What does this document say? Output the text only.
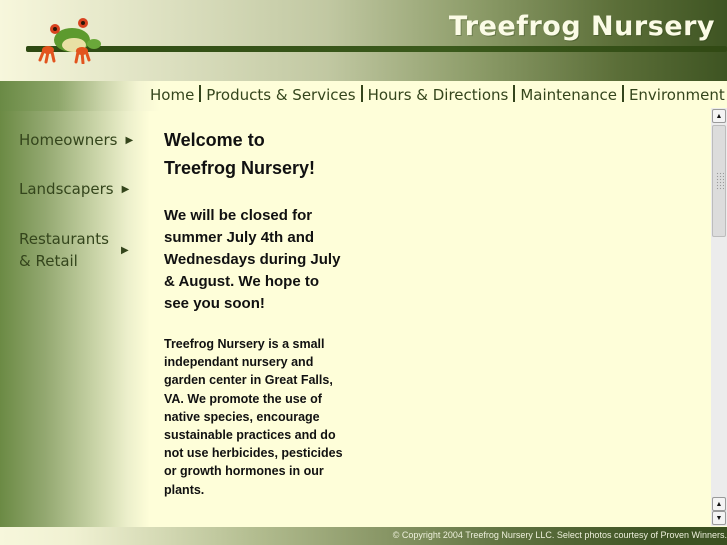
Treefrog Nursery
Home Products & Services Hours & Directions Maintenance Environment
Homeowners ▶
Landscapers ▶
Restaurants
& Retail
▶
Welcome to
Treefrog Nursery!
We will be closed for summer July 4th and Wednesdays during July & August. We hope to see you soon!
Treefrog Nursery is a small independant nursery and garden center in Great Falls, VA. We promote the use of native species, encourage sustainable practices and do not use herbicides, pesticides or growth hormones in our plants.
▲
▲
▼
© Copyright 2004 Treefrog Nursery LLC. Select photos courtesy of Proven Winners.
